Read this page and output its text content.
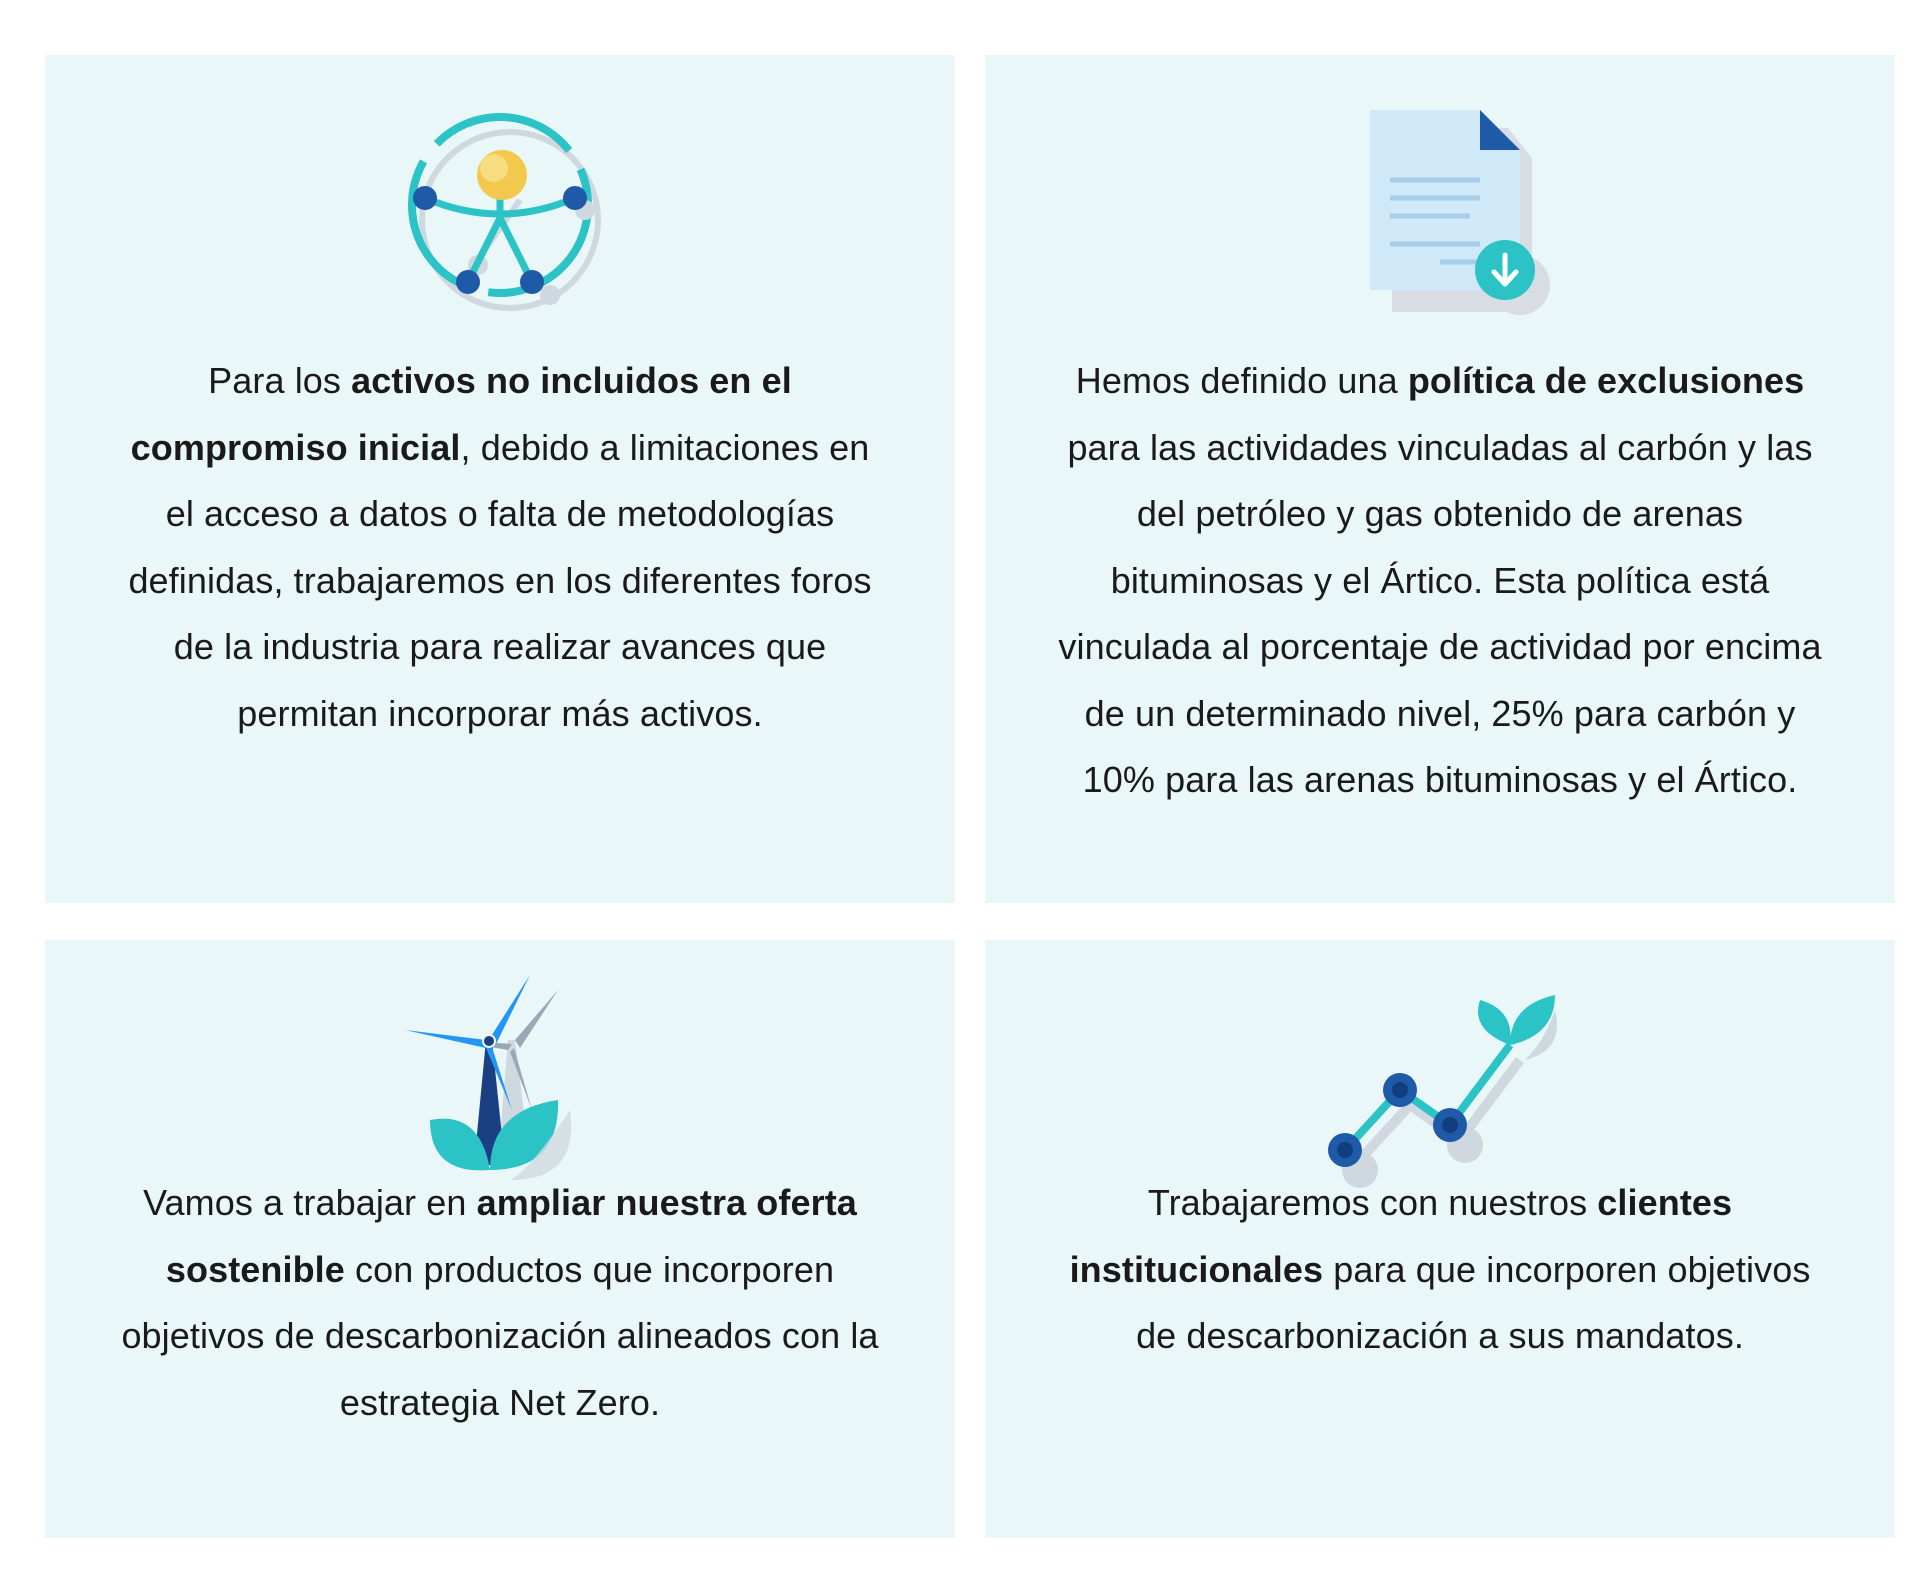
Para los activos no incluidos en el compromiso inicial, debido a limitaciones en el acceso a datos o falta de metodologías definidas, trabajaremos en los diferentes foros de la industria para realizar avances que permitan incorporar más activos.
Hemos definido una política de exclusiones para las actividades vinculadas al carbón y las del petróleo y gas obtenido de arenas bituminosas y el Ártico. Esta política está vinculada al porcentaje de actividad por encima de un determinado nivel, 25% para carbón y 10% para las arenas bituminosas y el Ártico.
Vamos a trabajar en ampliar nuestra oferta sostenible con productos que incorporen objetivos de descarbonización alineados con la estrategia Net Zero.
Trabajaremos con nuestros clientes institucionales para que incorporen objetivos de descarbonización a sus mandatos.
